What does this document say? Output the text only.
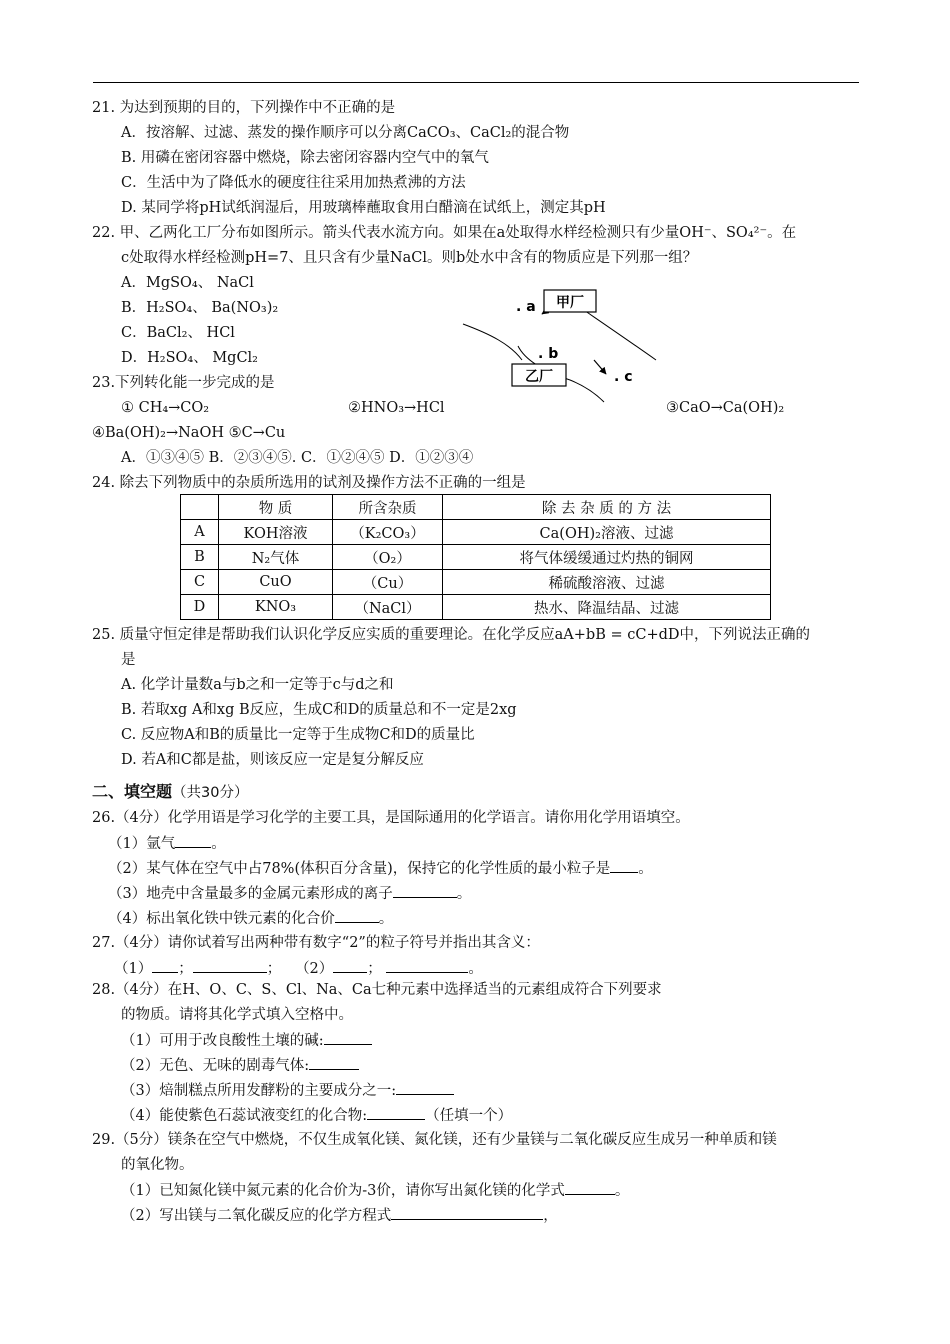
21. 为达到预期的目的，下列操作中不正确的是
A．按溶解、过滤、蒸发的操作顺序可以分离CaCO₃、CaCl₂的混合物
B. 用磷在密闭容器中燃烧，除去密闭容器内空气中的氧气
C．生活中为了降低水的硬度往往采用加热煮沸的方法
D. 某同学将pH试纸润湿后，用玻璃棒蘸取食用白醋滴在试纸上，测定其pH
22. 甲、乙两化工厂分布如图所示。箭头代表水流方向。如果在a处取得水样经检测只有少量OH⁻、SO₄²⁻。在
c处取得水样经检测pH=7、且只含有少量NaCl。则b处水中含有的物质应是下列那一组？
A．MgSO₄、 NaCl
B．H₂SO₄、 Ba(NO₃)₂
C．BaCl₂、 HCl
D．H₂SO₄、 MgCl₂
甲厂
. a
. b
乙厂	. c
23.下列转化能一步完成的是
① CH₄→CO₂	②HNO₃→HCl	③CaO→Ca(OH)₂
④Ba(OH)₂→NaOH ⑤C→Cu
A．①③④⑤ B．②③④⑤. C．①②④⑤ D．①②③④
24. 除去下列物质中的杂质所选用的试剂及操作方法不正确的一组是
	物 质	所含杂质	除 去 杂 质 的 方 法
A	KOH溶液	（K₂CO₃）	Ca(OH)₂溶液、过滤
B	N₂气体	（O₂）	将气体缓缓通过灼热的铜网
C	CuO	（Cu）	稀硫酸溶液、过滤
D	KNO₃	（NaCl）	热水、降温结晶、过滤
25. 质量守恒定律是帮助我们认识化学反应实质的重要理论。在化学反应aA+bB = cC+dD中，下列说法正确的
是
A. 化学计量数a与b之和一定等于c与d之和
B. 若取xg A和xg B反应，生成C和D的质量总和不一定是2xg
C. 反应物A和B的质量比一定等于生成物C和D的质量比
D. 若A和C都是盐，则该反应一定是复分解反应
二、填空题（共30分）
26.（4分）化学用语是学习化学的主要工具，是国际通用的化学语言。请你用化学用语填空。
（1）氩气 。
（2）某气体在空气中占78%(体积百分含量)，保持它的化学性质的最小粒子是 。
（3）地壳中含量最多的金属元素形成的离子	。
（4）标出氧化铁中铁元素的化合价	。
27.（4分）请你试着写出两种带有数字“2”的粒子符号并指出其含义：
（1） ；	； （2） ；	。
28.（4分）在H、O、C、S、Cl、Na、Ca七种元素中选择适当的元素组成符合下列要求
的物质。请将其化学式填入空格中。
（1）可用于改良酸性土壤的碱:
（2）无色、无味的剧毒气体:
（3）焙制糕点所用发酵粉的主要成分之一:
（4）能使紫色石蕊试液变红的化合物:	（任填一个）
29.（5分）镁条在空气中燃烧，不仅生成氧化镁、氮化镁，还有少量镁与二氧化碳反应生成另一种单质和镁
的氧化物。
（1）已知氮化镁中氮元素的化合价为-3价，请你写出氮化镁的化学式	。
（2）写出镁与二氧化碳反应的化学方程式	，
